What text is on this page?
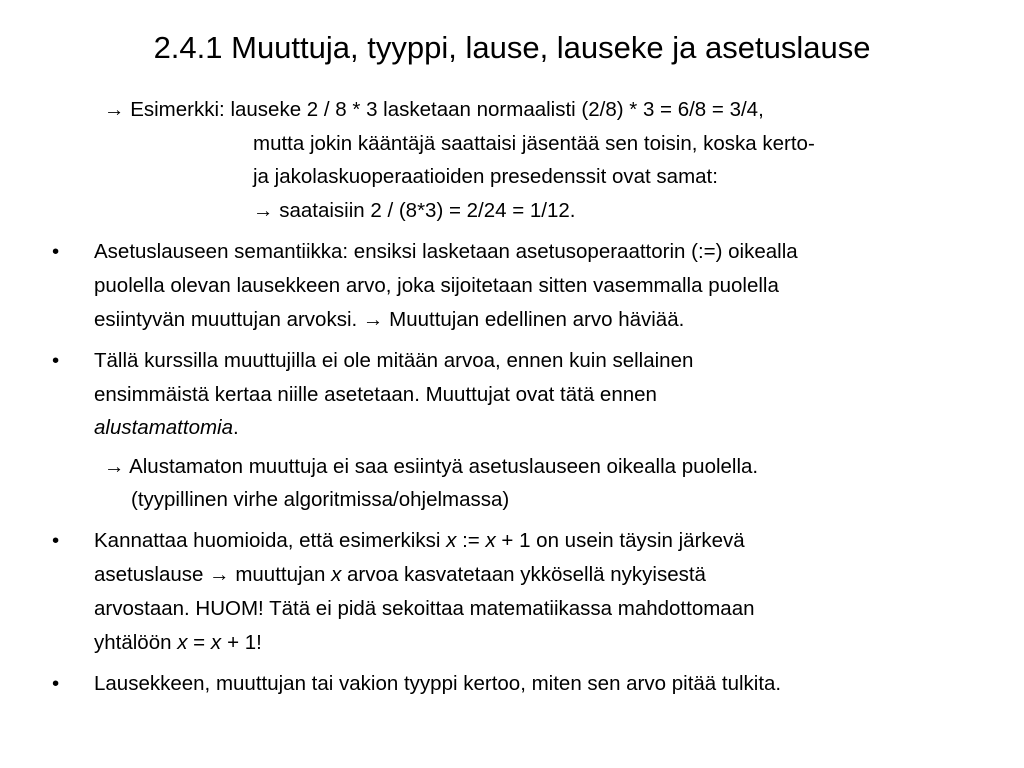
2.4.1 Muuttuja, tyyppi, lause, lauseke ja asetuslause
→ Esimerkki: lauseke 2 / 8 * 3 lasketaan normaalisti (2/8) * 3 = 6/8 = 3/4,
mutta jokin kääntäjä saattaisi jäsentää sen toisin, koska kerto-
ja jakolaskuoperaatioiden presedenssit ovat samat:
→ saataisiin 2 / (8*3) = 2/24 = 1/12.
• Asetuslauseen semantiikka: ensiksi lasketaan asetusoperaattorin (:=) oikealla
puolella olevan lausekkeen arvo, joka sijoitetaan sitten vasemmalla puolella
esiintyvän muuttujan arvoksi. → Muuttujan edellinen arvo häviää.
• Tällä kurssilla muuttujilla ei ole mitään arvoa, ennen kuin sellainen
ensimmäistä kertaa niille asetetaan. Muuttujat ovat tätä ennen
alustamattomia.
→ Alustamaton muuttuja ei saa esiintyä asetuslauseen oikealla puolella.
(tyypillinen virhe algoritmissa/ohjelmassa)
• Kannattaa huomioida, että esimerkiksi x := x + 1 on usein täysin järkevä
asetuslause → muuttujan x arvoa kasvatetaan ykkösellä nykyisestä
arvostaan. HUOM! Tätä ei pidä sekoittaa matematiikassa mahdottomaan
yhtälöön x = x + 1!
• Lausekkeen, muuttujan tai vakion tyyppi kertoo, miten sen arvo pitää tulkita.
